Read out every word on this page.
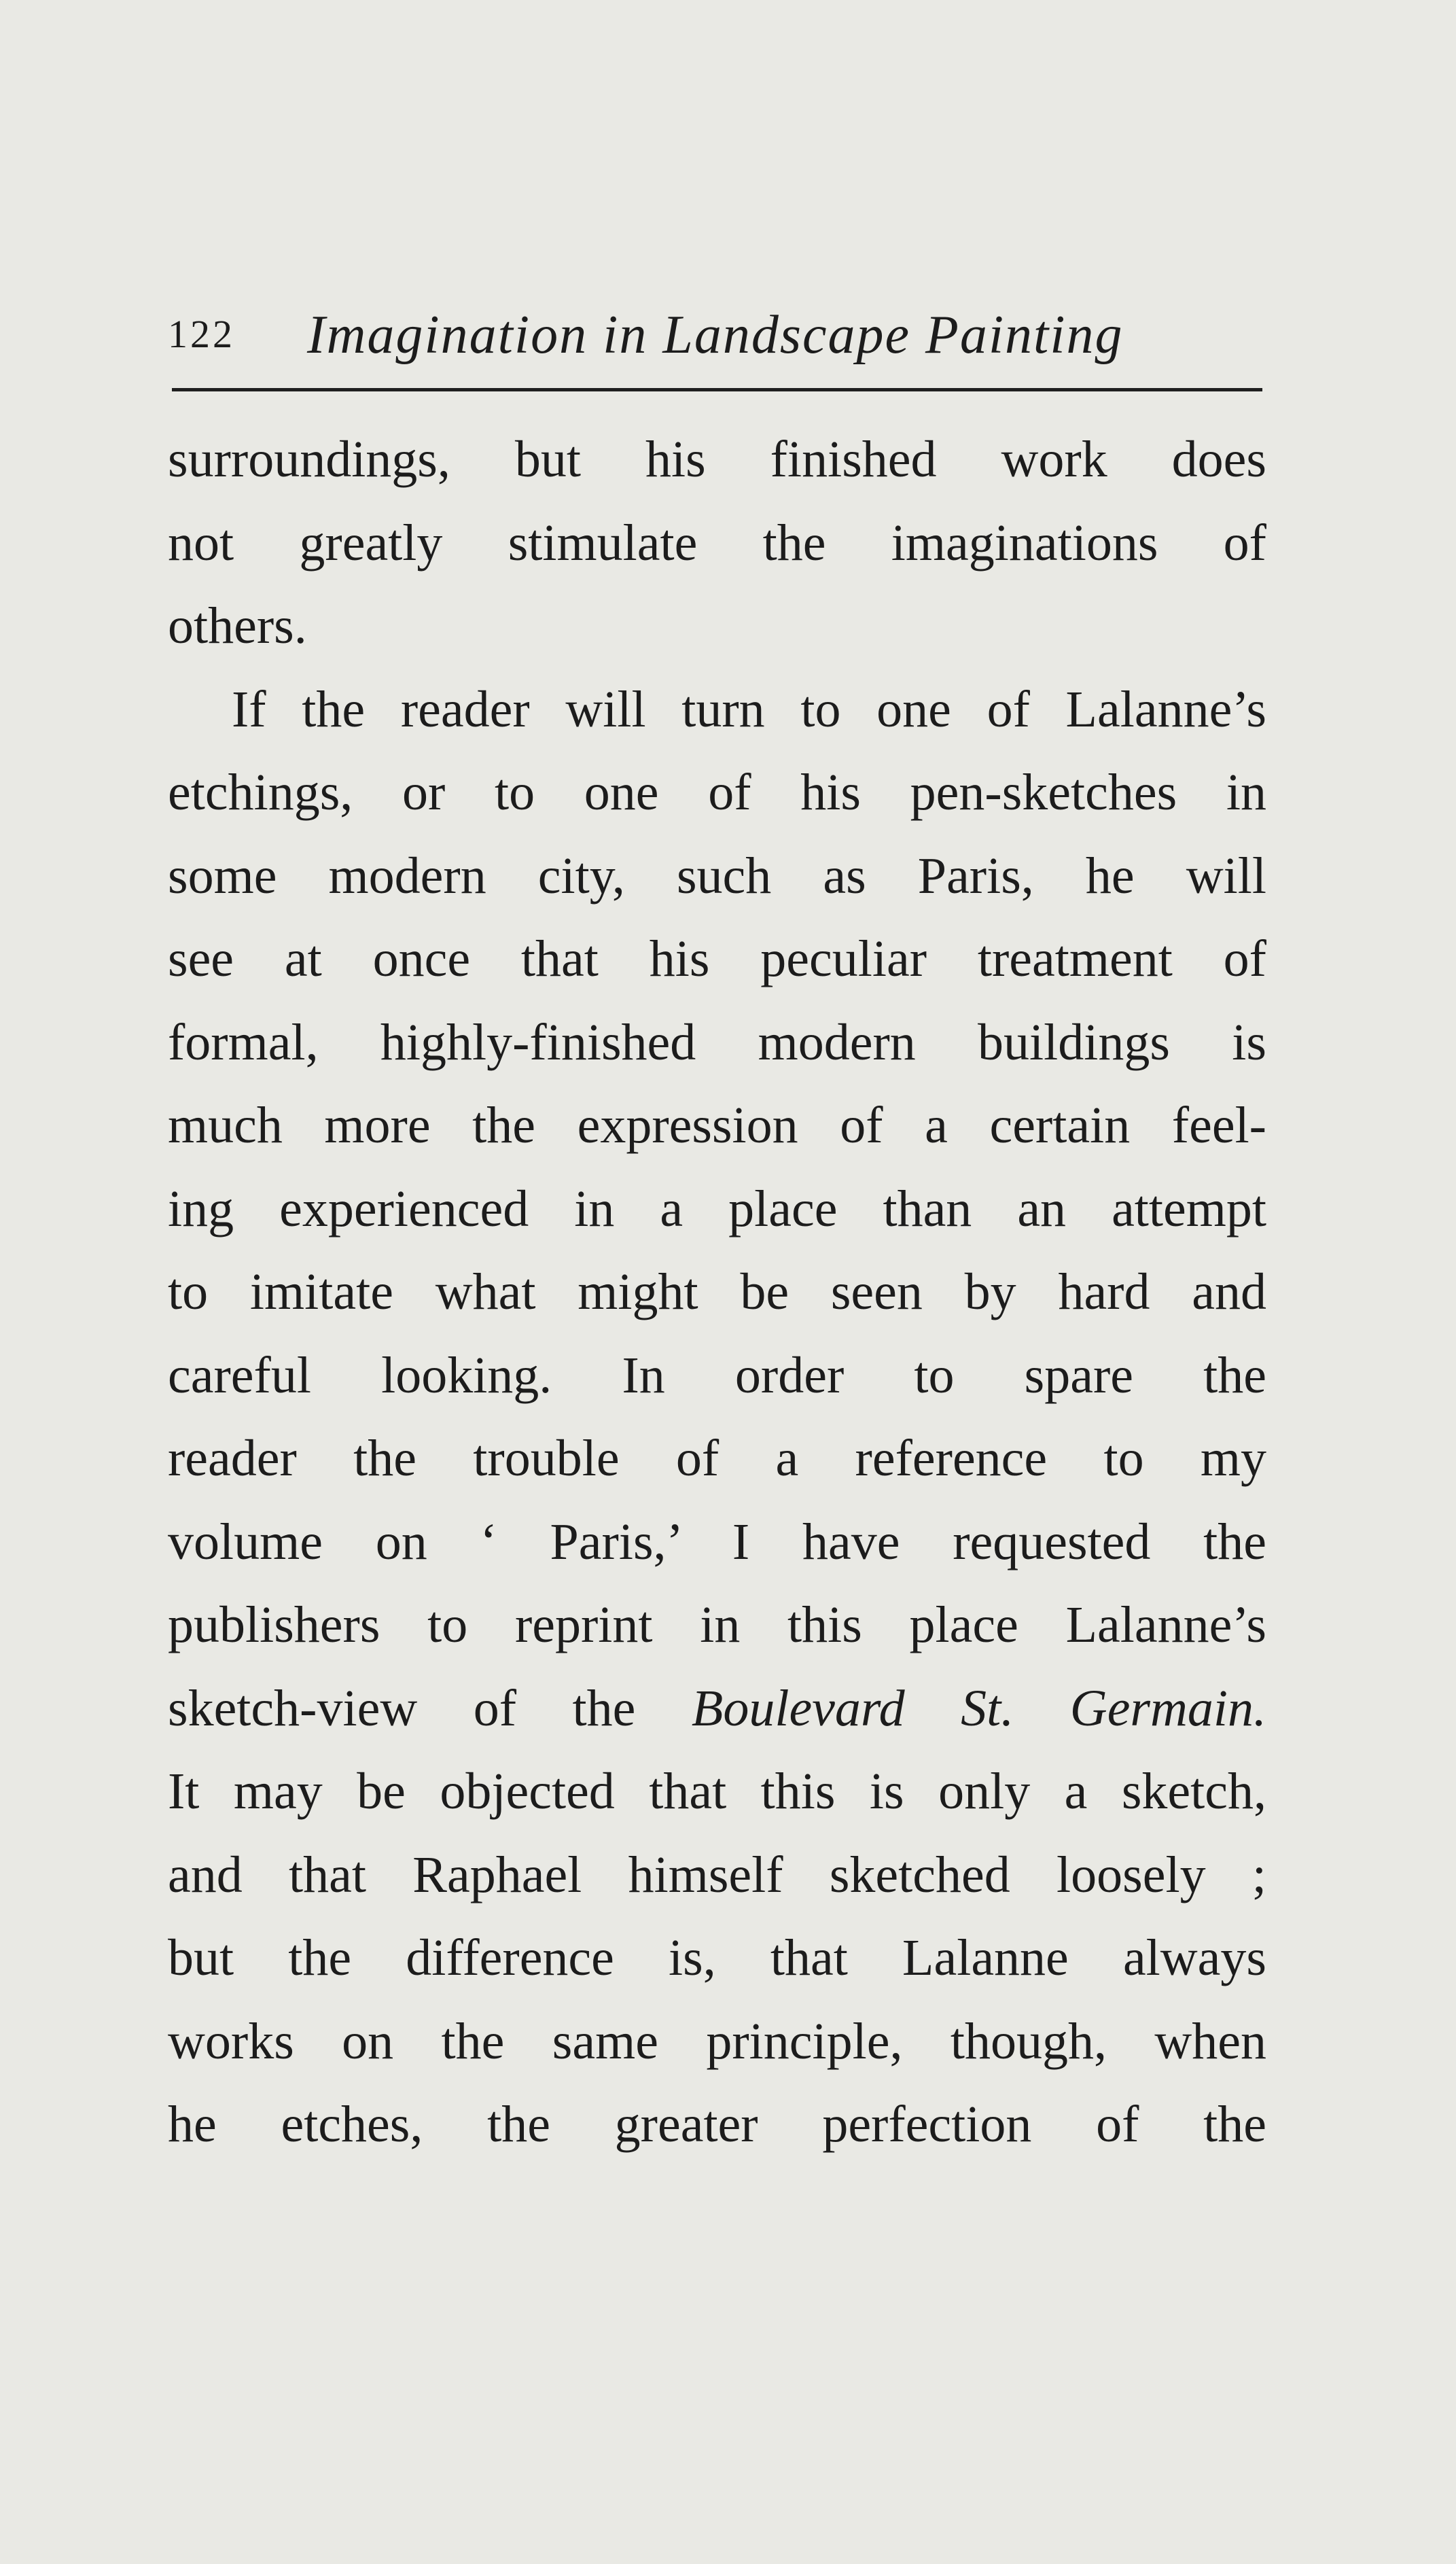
122 Imagination in Landscape Painting
surroundings, but his finished work does
not greatly stimulate the imaginations of
others.
If the reader will turn to one of Lalanne’s
etchings, or to one of his pen-sketches in
some modern city, such as Paris, he will
see at once that his peculiar treatment of
formal, highly-finished modern buildings is
much more the expression of a certain feel-
ing experienced in a place than an attempt
to imitate what might be seen by hard and
careful looking. In order to spare the
reader the trouble of a reference to my
volume on ‘ Paris,’ I have requested the
publishers to reprint in this place Lalanne’s
sketch-view of the Boulevard St. Germain.
It may be objected that this is only a sketch,
and that Raphael himself sketched loosely ;
but the difference is, that Lalanne always
works on the same principle, though, when
he etches, the greater perfection of the
